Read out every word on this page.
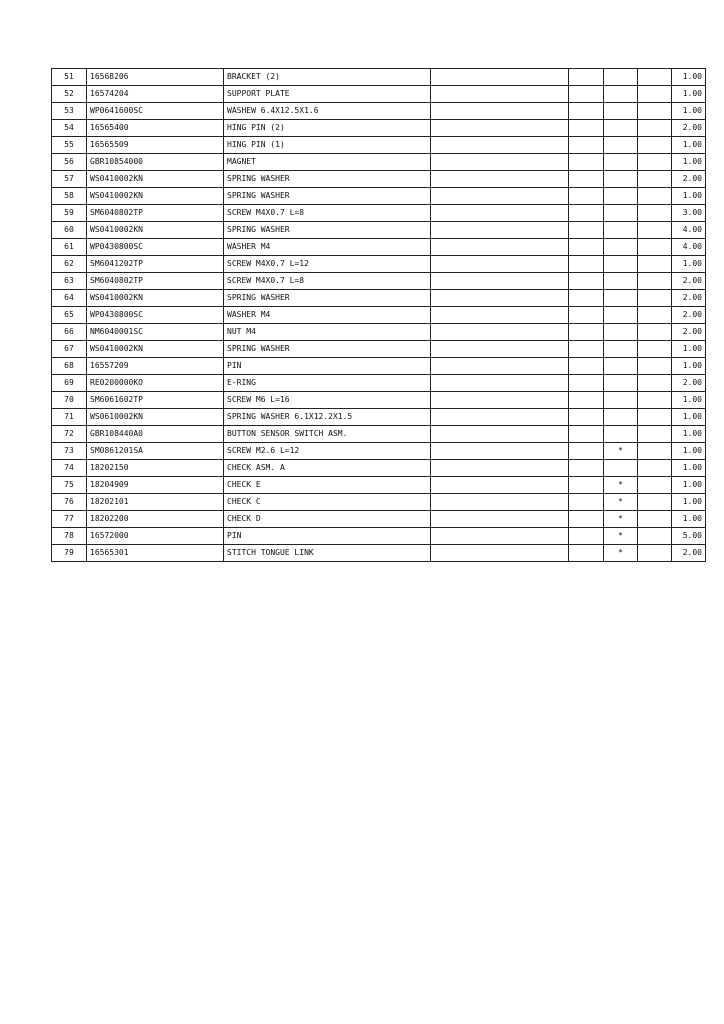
51	16568206	BRACKET (2)					1.00
52	16574204	SUPPORT PLATE					1.00
53	WP0641600SC	WASHEW 6.4X12.5X1.6					1.00
54	16565400	HING PIN (2)					2.00
55	16565509	HING PIN (1)					1.00
56	GBR10854000	MAGNET					1.00
57	WS0410002KN	SPRING WASHER					2.00
58	WS0410002KN	SPRING WASHER					1.00
59	SM6040802TP	SCREW M4X0.7 L=8					3.00
60	WS0410002KN	SPRING WASHER					4.00
61	WP0430800SC	WASHER M4					4.00
62	SM6041202TP	SCREW M4X0.7 L=12					1.00
63	SM6040802TP	SCREW M4X0.7 L=8					2.00
64	WS0410002KN	SPRING WASHER					2.00
65	WP0430800SC	WASHER M4					2.00
66	NM6040001SC	NUT M4					2.00
67	WS0410002KN	SPRING WASHER					1.00
68	16557209	PIN					1.00
69	RE0200000KO	E-RING					2.00
70	SM6061602TP	SCREW M6 L=16					1.00
71	WS0610002KN	SPRING WASHER 6.1X12.2X1.5					1.00
72	GBR108440A0	BUTTON SENSOR SWITCH ASM.					1.00
73	SM0861201SA	SCREW M2.6 L=12			*		1.00
74	18202150	CHECK ASM. A					1.00
75	18204909	CHECK E			*		1.00
76	18202101	CHECK C			*		1.00
77	18202200	CHECK D			*		1.00
78	16572000	PIN			*		5.00
79	16565301	STITCH TONGUE LINK			*		2.00
